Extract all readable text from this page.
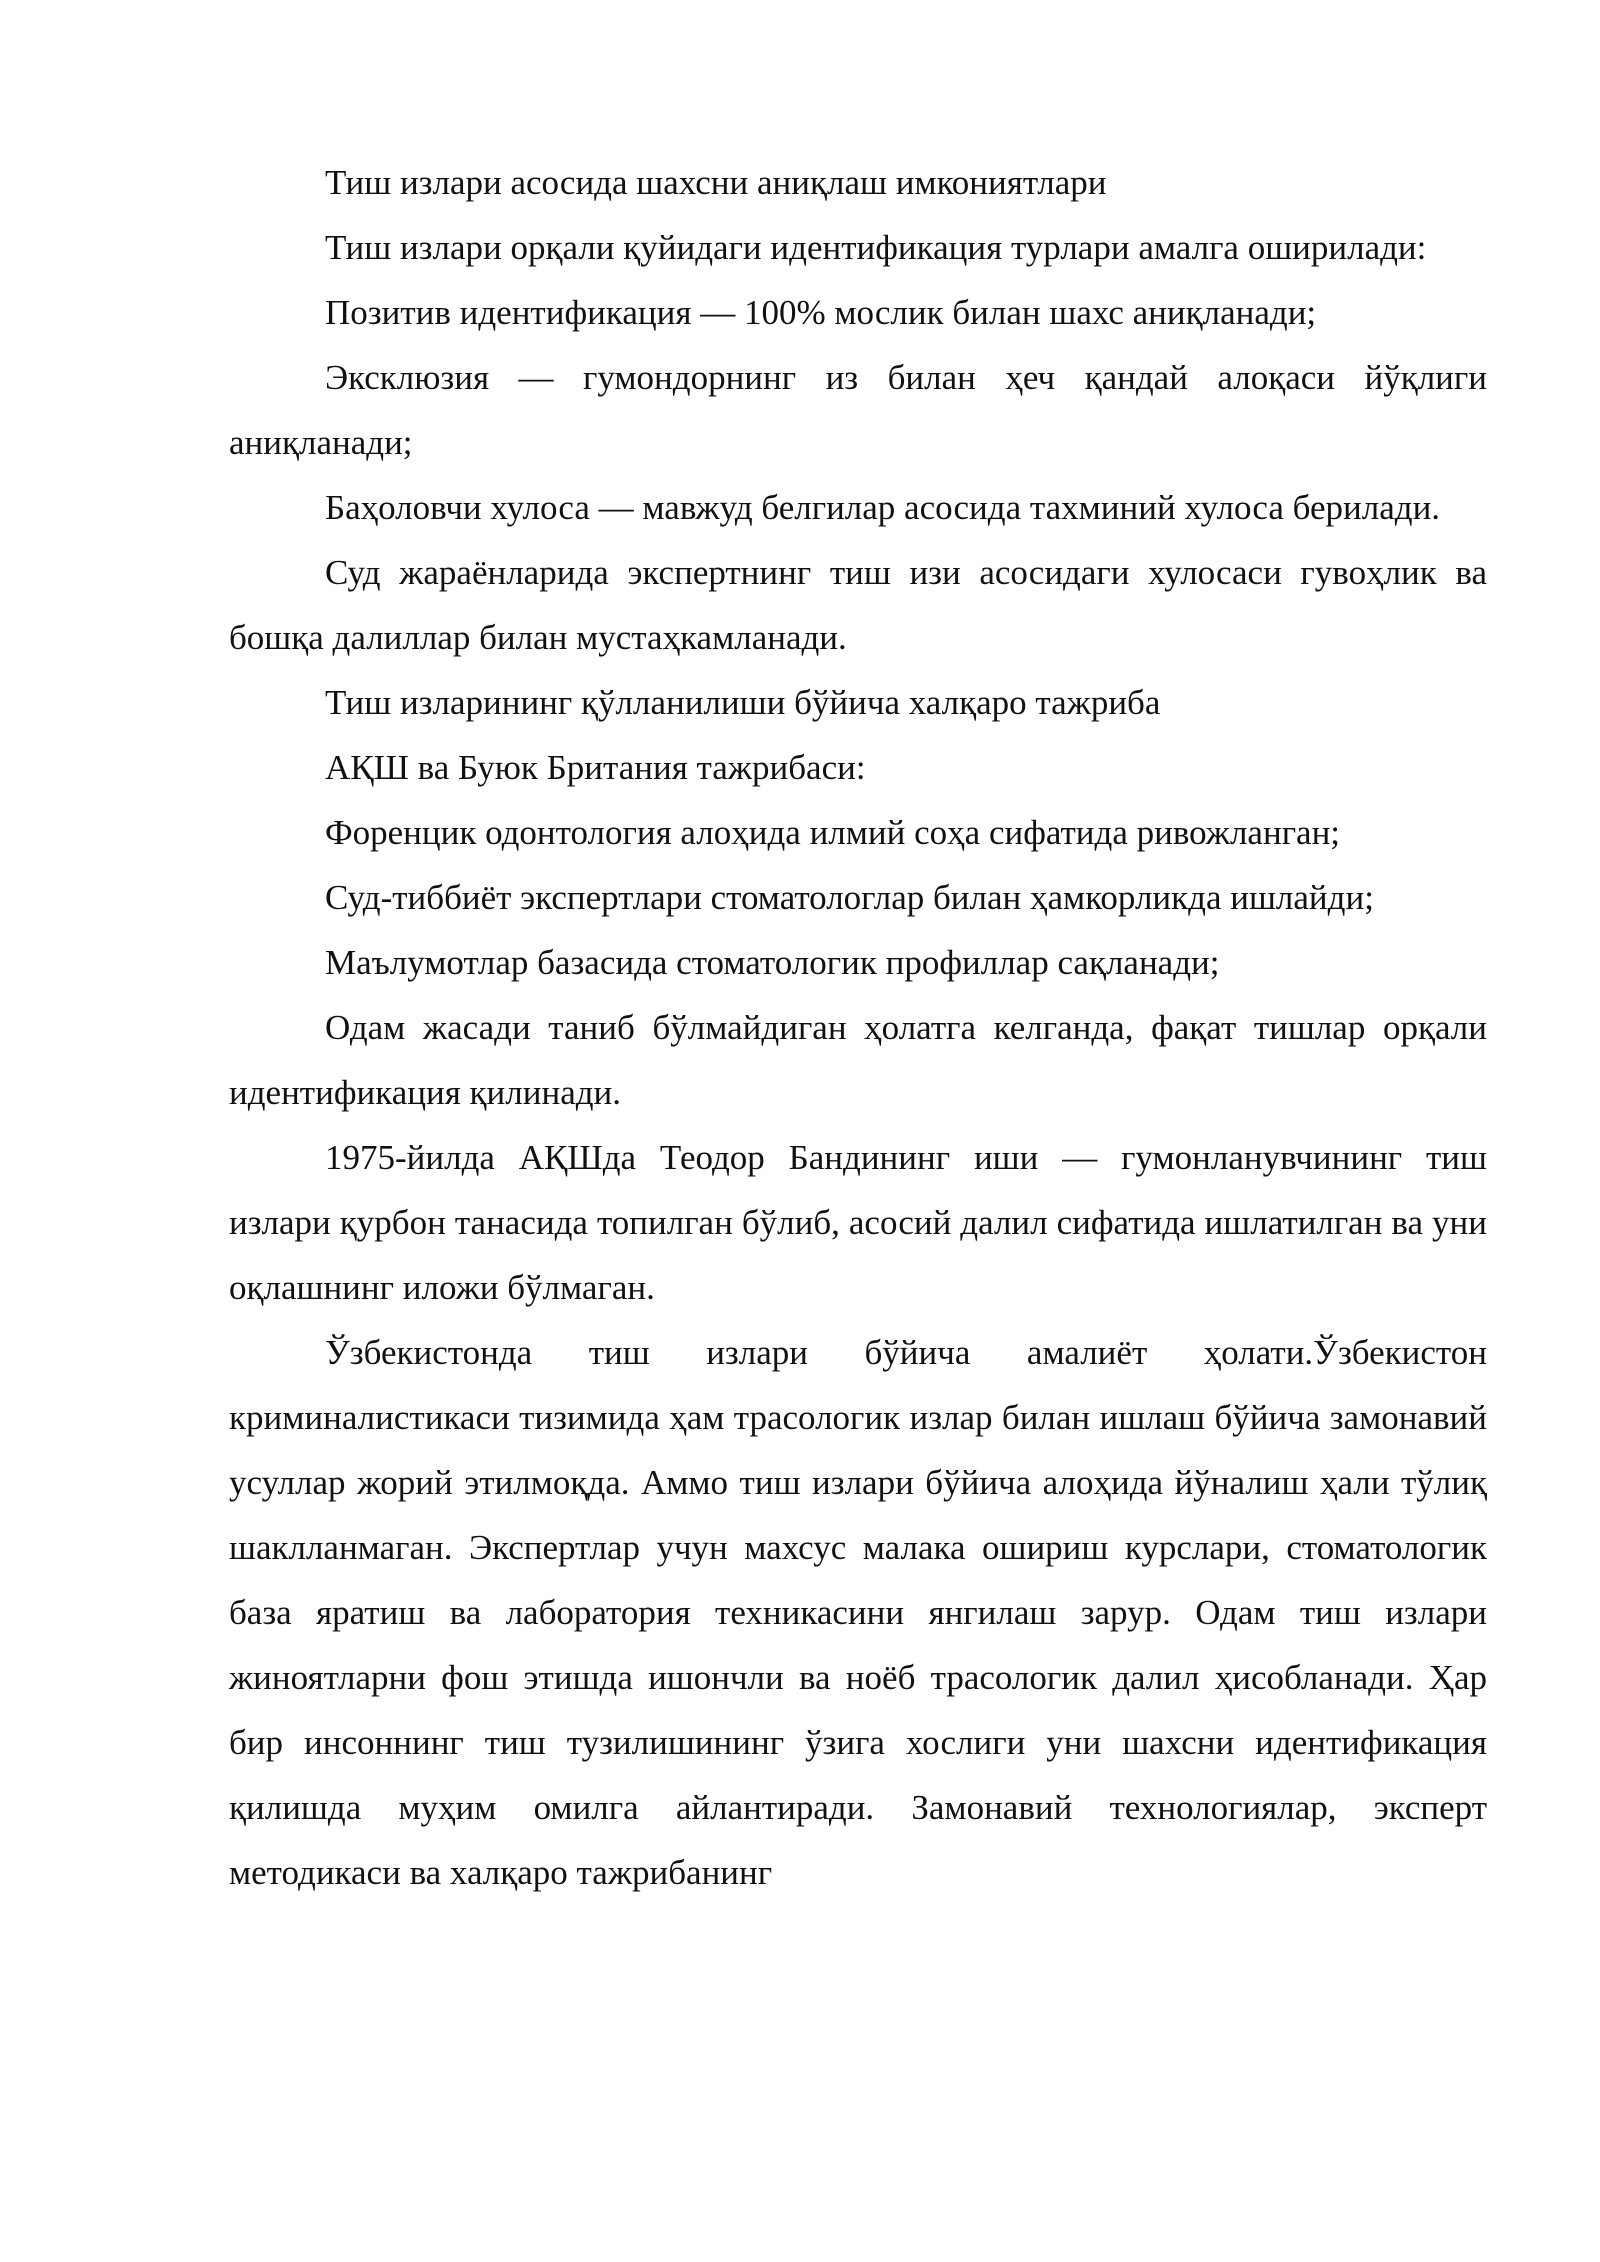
Тиш излари асосида шахсни аниқлаш имкониятлари

Тиш излари орқали қуйидаги идентификация турлари амалга оширилади:

Позитив идентификация — 100% мослик билан шахс аниқланади;

Эксклюзия — гумондорнинг из билан ҳеч қандай алоқаси йўқлиги аниқланади;

Баҳоловчи хулоса — мавжуд белгилар асосида тахминий хулоса берилади.

Суд жараёнларида экспертнинг тиш изи асосидаги хулосаси гувоҳлик ва бошқа далиллар билан мустаҳкамланади.

Тиш изларининг қўлланилиши бўйича халқаро тажриба

АҚШ ва Буюк Британия тажрибаси:

Форенцик одонтология алоҳида илмий соҳа сифатида ривожланган;

Суд-тиббиёт экспертлари стоматологлар билан ҳамкорликда ишлайди;

Маълумотлар базасида стоматологик профиллар сақланади;

Одам жасади таниб бўлмайдиган ҳолатга келганда, фақат тишлар орқали идентификация қилинади.

1975-йилда АҚШда Теодор Бандининг иши — гумонланувчининг тиш излари қурбон танасида топилган бўлиб, асосий далил сифатида ишлатилган ва уни оқлашнинг иложи бўлмаган.

Ўзбекистонда тиш излари бўйича амалиёт ҳолати.Ўзбекистон криминалистикаси тизимида ҳам трасологик излар билан ишлаш бўйича замонавий усуллар жорий этилмоқда. Аммо тиш излари бўйича алоҳида йўналиш ҳали тўлиқ шаклланмаган. Экспертлар учун махсус малака ошириш курслари, стоматологик база яратиш ва лаборатория техникасини янгилаш зарур. Одам тиш излари жиноятларни фош этишда ишончли ва ноёб трасологик далил ҳисобланади. Ҳар бир инсоннинг тиш тузилишининг ўзига хослиги уни шахсни идентификация қилишда муҳим омилга айлантиради. Замонавий технологиялар, эксперт методикаси ва халқаро тажрибанинг
